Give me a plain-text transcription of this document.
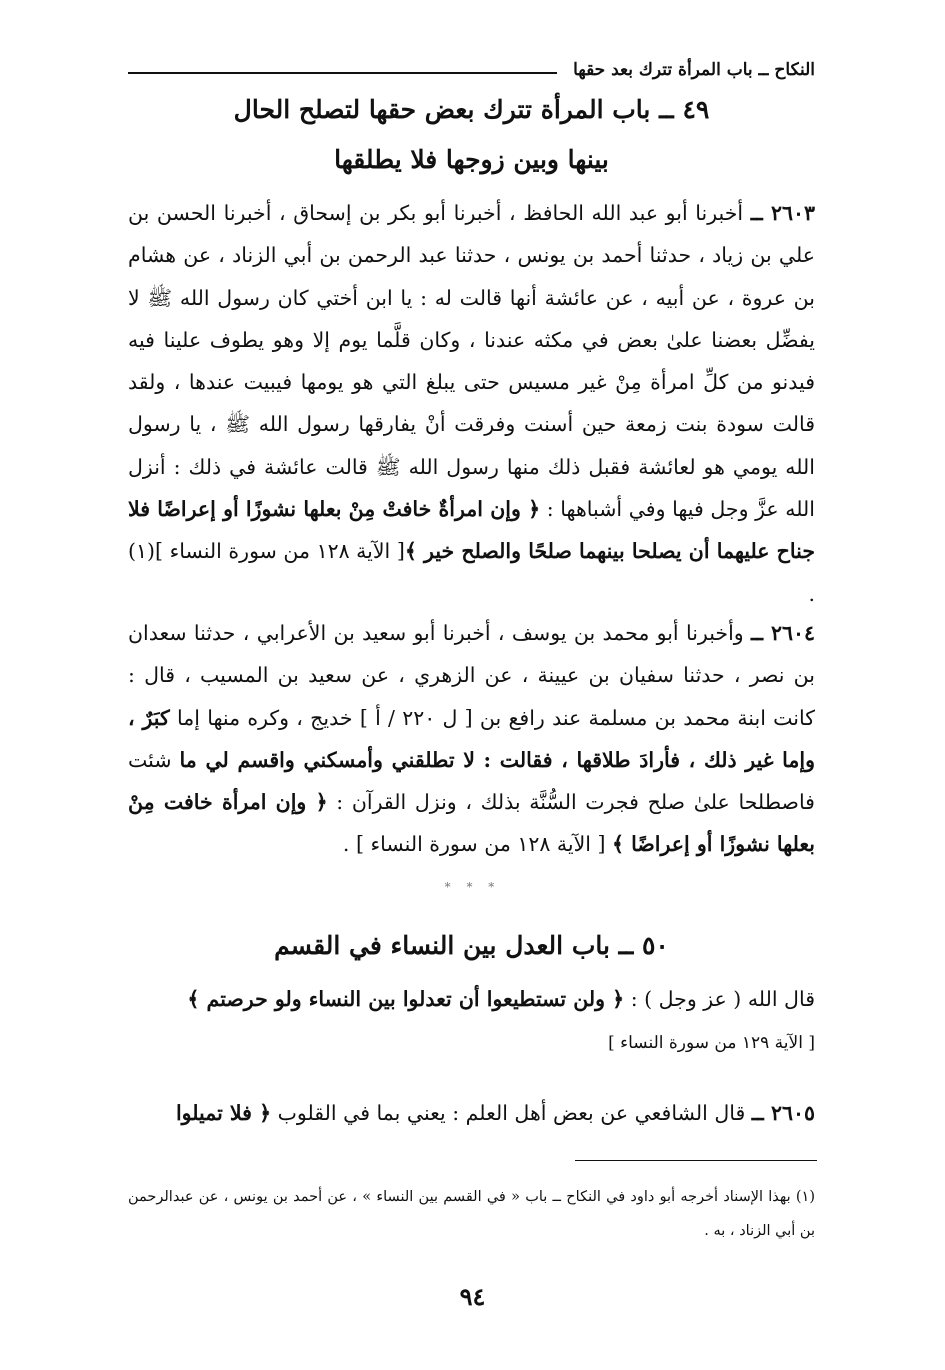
النكاح ــ باب المرأة تترك بعد حقها
٤٩ ــ باب المرأة تترك بعض حقها لتصلح الحال
بينها وبين زوجها فلا يطلقها
٢٦٠٣ ــ أخبرنا أبو عبد الله الحافظ ، أخبرنا أبو بكر بن إسحاق ، أخبرنا الحسن بن علي بن زياد ، حدثنا أحمد بن يونس ، حدثنا عبد الرحمن بن أبي الزناد ، عن هشام بن عروة ، عن أبيه ، عن عائشة أنها قالت له : يا ابن أختي كان رسول الله ﷺ لا يفضِّل بعضنا علىٰ بعض في مكثه عندنا ، وكان قلَّما يوم إلا وهو يطوف علينا فيه فيدنو من كلِّ امرأة مِنْ غير مسيس حتى يبلغ التي هو يومها فيبيت عندها ، ولقد قالت سودة بنت زمعة حين أسنت وفرقت أنْ يفارقها رسول الله ﷺ ، يا رسول الله يومي هو لعائشة فقبل ذلك منها رسول الله ﷺ قالت عائشة في ذلك : أنزل الله عزَّ وجل فيها وفي أشباهها : ﴿ وإن امرأةٌ خافتْ مِنْ بعلها نشوزًا أو إعراضًا فلا جناح عليهما أن يصلحا بينهما صلحًا والصلح خير ﴾[ الآية ١٢٨ من سورة النساء ](١) .
٢٦٠٤ ــ وأخبرنا أبو محمد بن يوسف ، أخبرنا أبو سعيد بن الأعرابي ، حدثنا سعدان بن نصر ، حدثنا سفيان بن عيينة ، عن الزهري ، عن سعيد بن المسيب ، قال : كانت ابنة محمد بن مسلمة عند رافع بن [ ل ٢٢٠ / أ ] خديج ، وكره منها إما كبَرٌ ، وإما غير ذلك ، فأرادَ طلاقها ، فقالت : لا تطلقني وأمسكني واقسم لي ما شئت فاصطلحا علىٰ صلح فجرت السُّنَّة بذلك ، ونزل القرآن : ﴿ وإن امرأة خافت مِنْ بعلها نشوزًا أو إعراضًا ﴾ [ الآية ١٢٨ من سورة النساء ] .
* * *
٥٠ ــ باب العدل بين النساء في القسم
قال الله ( عز وجل ) : ﴿ ولن تستطيعوا أن تعدلوا بين النساء ولو حرصتم ﴾
[ الآية ١٢٩ من سورة النساء ]
٢٦٠٥ ــ قال الشافعي عن بعض أهل العلم : يعني بما في القلوب ﴿ فلا تميلوا
(١) بهذا الإسناد أخرجه أبو داود في النكاح ــ باب « في القسم بين النساء » ، عن أحمد بن يونس ، عن عبدالرحمن بن أبي الزناد ، به .
٩٤
